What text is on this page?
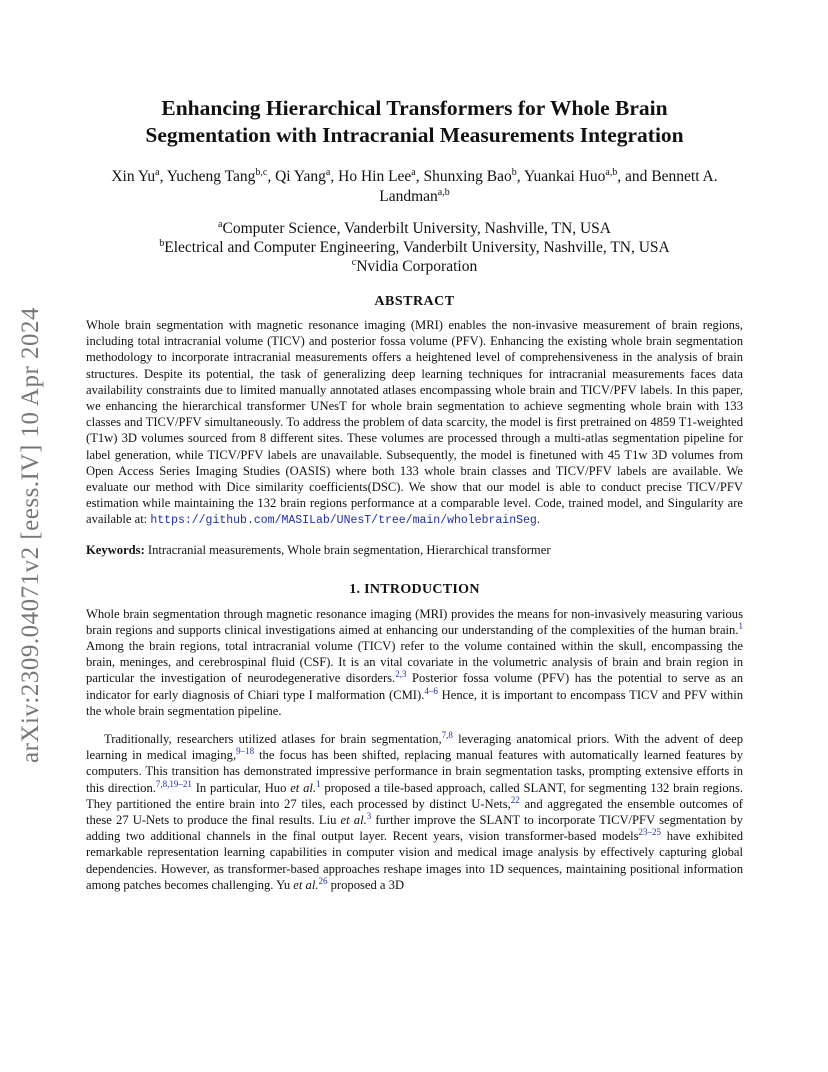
arXiv:2309.04071v2 [eess.IV] 10 Apr 2024
Enhancing Hierarchical Transformers for Whole Brain
Segmentation with Intracranial Measurements Integration
Xin Yu$^a$, Yucheng Tang$^{b,c}$, Qi Yang$^a$, Ho Hin Lee$^a$, Shunxing Bao$^b$, Yuankai Huo$^{a,b}$, and Bennett A. Landman$^{a,b}$
$^a$Computer Science, Vanderbilt University, Nashville, TN, USA
$^b$Electrical and Computer Engineering, Vanderbilt University, Nashville, TN, USA
$^c$Nvidia Corporation
ABSTRACT

Whole brain segmentation with magnetic resonance imaging (MRI) enables the non-invasive measurement of brain regions, including total intracranial volume (TICV) and posterior fossa volume (PFV). Enhancing the existing whole brain segmentation methodology to incorporate intracranial measurements offers a heightened level of comprehensiveness in the analysis of brain structures. Despite its potential, the task of generalizing deep learning techniques for intracranial measurements faces data availability constraints due to limited manually annotated atlases encompassing whole brain and TICV/PFV labels. In this paper, we enhancing the hierarchical transformer UNesT for whole brain segmentation to achieve segmenting whole brain with 133 classes and TICV/PFV simultaneously. To address the problem of data scarcity, the model is first pretrained on 4859 T1-weighted (T1w) 3D volumes sourced from 8 different sites. These volumes are processed through a multi-atlas segmentation pipeline for label generation, while TICV/PFV labels are unavailable. Subsequently, the model is finetuned with 45 T1w 3D volumes from Open Access Series Imaging Studies (OASIS) where both 133 whole brain classes and TICV/PFV labels are available. We evaluate our method with Dice similarity coefficients(DSC). We show that our model is able to conduct precise TICV/PFV estimation while maintaining the 132 brain regions performance at a comparable level. Code, trained model, and Singularity are available at: https://github.com/MASILab/UNesT/tree/main/wholebrainSeg.

Keywords: Intracranial measurements, Whole brain segmentation, Hierarchical transformer

1. INTRODUCTION

Whole brain segmentation through magnetic resonance imaging (MRI) provides the means for non-invasively measuring various brain regions and supports clinical investigations aimed at enhancing our understanding of the complexities of the human brain.$^1$ Among the brain regions, total intracranial volume (TICV) refer to the volume contained within the skull, encompassing the brain, meninges, and cerebrospinal fluid (CSF). It is an vital covariate in the volumetric analysis of brain and brain region in particular the investigation of neurodegenerative disorders.$^{2,3}$ Posterior fossa volume (PFV) has the potential to serve as an indicator for early diagnosis of Chiari type I malformation (CMI).$^{4-6}$ Hence, it is important to encompass TICV and PFV within the whole brain segmentation pipeline.

Traditionally, researchers utilized atlases for brain segmentation,$^{7,8}$ leveraging anatomical priors. With the advent of deep learning in medical imaging,$^{9-18}$ the focus has been shifted, replacing manual features with automatically learned features by computers. This transition has demonstrated impressive performance in brain segmentation tasks, prompting extensive efforts in this direction.$^{7,8,19-21}$ In particular, Huo et al.$^1$ proposed a tile-based approach, called SLANT, for segmenting 132 brain regions. They partitioned the entire brain into 27 tiles, each processed by distinct U-Nets,$^{22}$ and aggregated the ensemble outcomes of these 27 U-Nets to produce the final results. Liu et al.$^3$ further improve the SLANT to incorporate TICV/PFV segmentation by adding two additional channels in the final output layer. Recent years, vision transformer-based models$^{23-25}$ have exhibited remarkable representation learning capabilities in computer vision and medical image analysis by effectively capturing global dependencies. However, as transformer-based approaches reshape images into 1D sequences, maintaining positional information among patches becomes challenging. Yu et al.$^{26}$ proposed a 3D
